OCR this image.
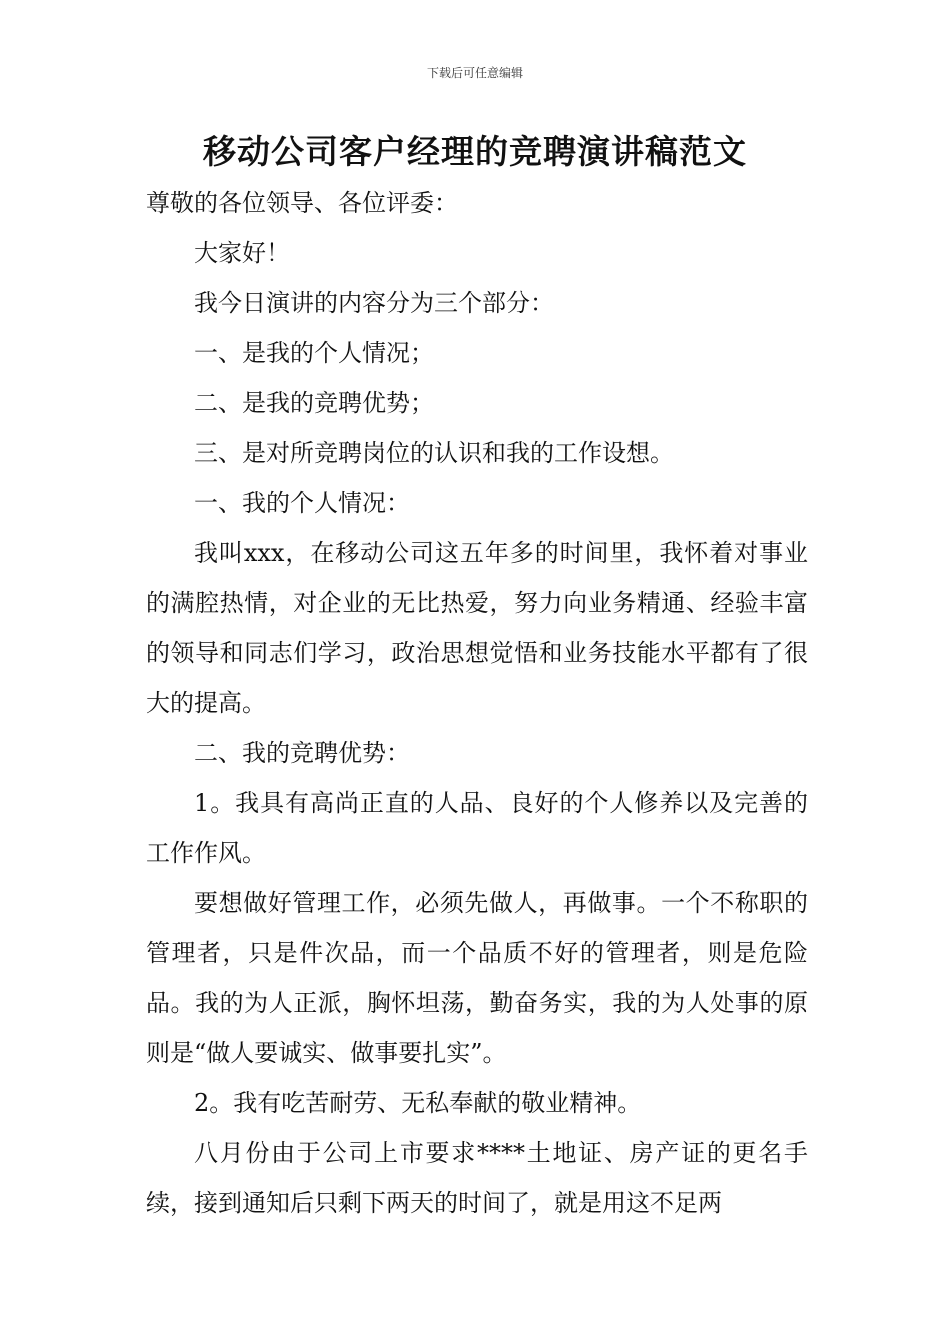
下载后可任意编辑
移动公司客户经理的竞聘演讲稿范文

尊敬的各位领导、各位评委：

大家好！

我今日演讲的内容分为三个部分：

一、是我的个人情况；

二、是我的竞聘优势；

三、是对所竞聘岗位的认识和我的工作设想。

一、我的个人情况：

我叫xxx，在移动公司这五年多的时间里，我怀着对事业的满腔热情，对企业的无比热爱，努力向业务精通、经验丰富的领导和同志们学习，政治思想觉悟和业务技能水平都有了很大的提高。

二、我的竞聘优势：

1。我具有高尚正直的人品、良好的个人修养以及完善的工作作风。

要想做好管理工作，必须先做人，再做事。一个不称职的管理者，只是件次品，而一个品质不好的管理者，则是危险品。我的为人正派，胸怀坦荡，勤奋务实，我的为人处事的原则是“做人要诚实、做事要扎实”。

2。我有吃苦耐劳、无私奉献的敬业精神。

八月份由于公司上市要求****土地证、房产证的更名手续，接到通知后只剩下两天的时间了，就是用这不足两
